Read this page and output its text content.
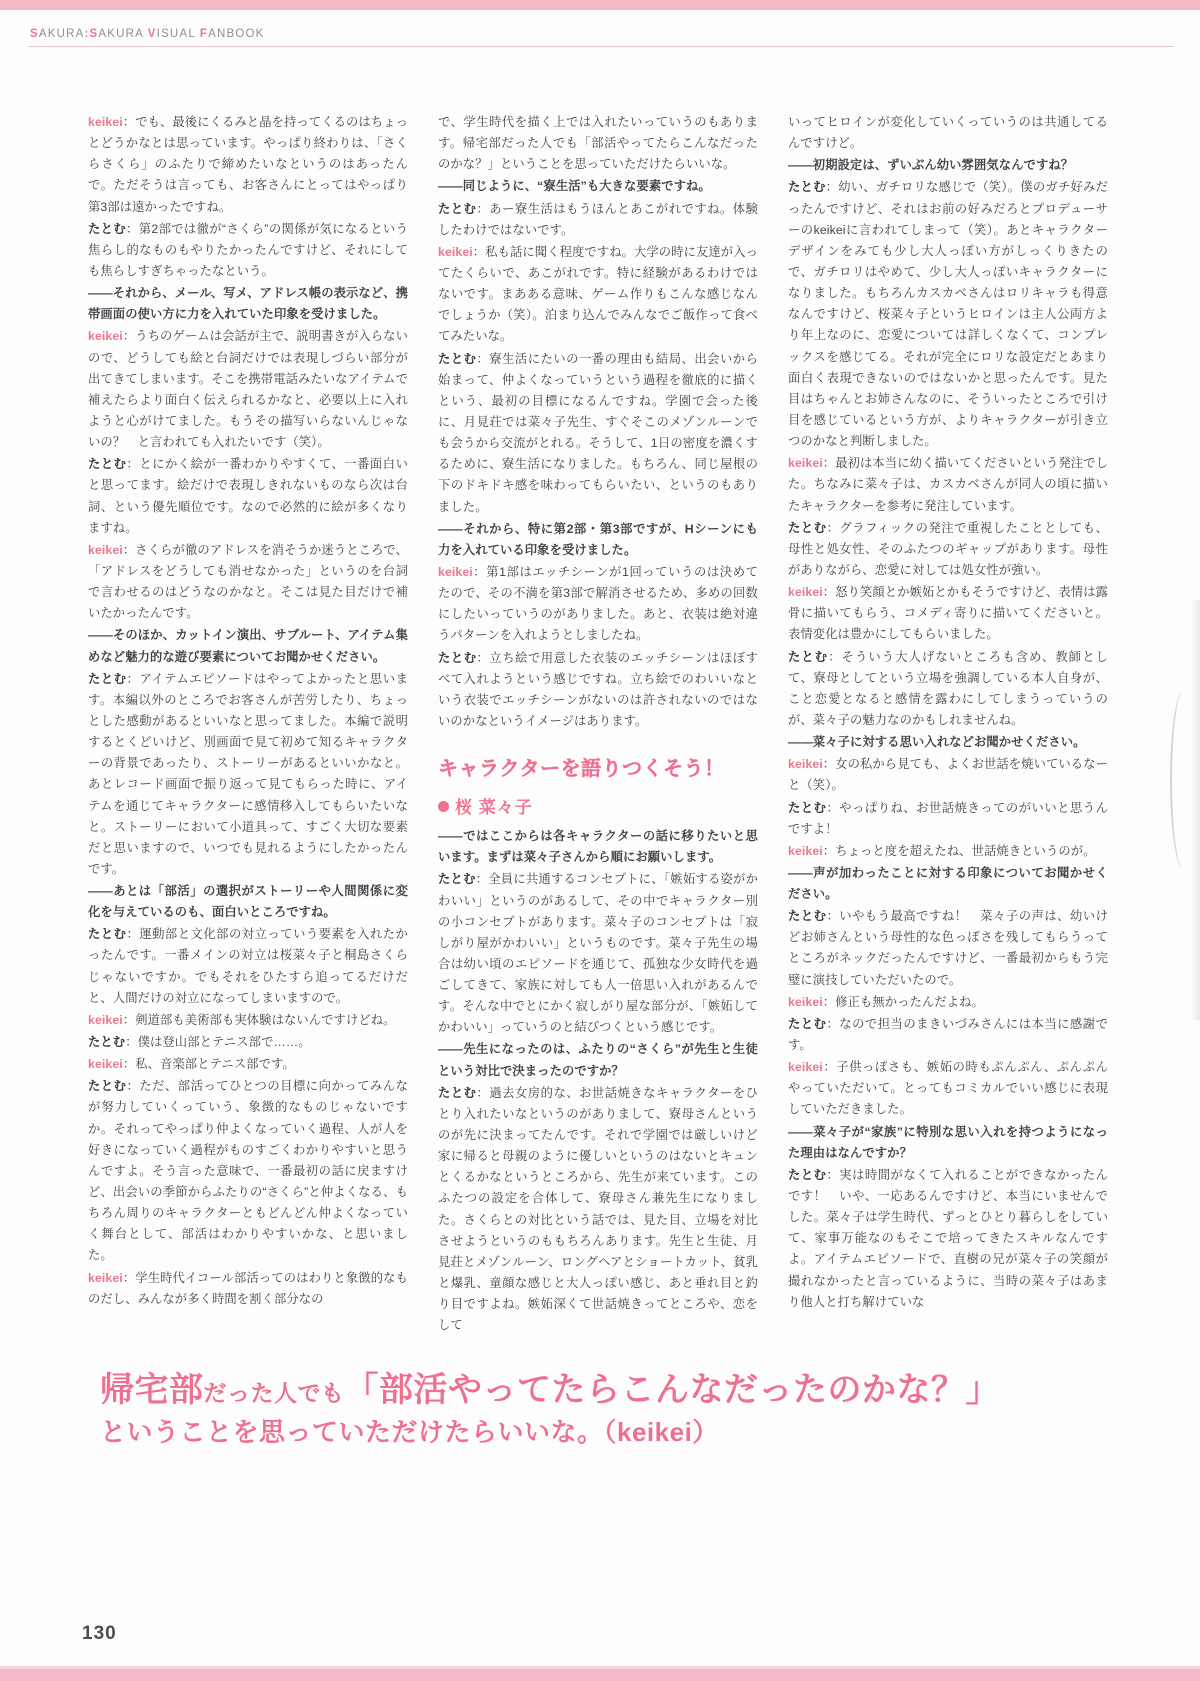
SAKURA:SAKURA VISUAL FANBOOK

keikei：でも、最後にくるみと晶を持ってくるのはちょっとどうかなとは思っています。やっぱり終わりは、「さくらさくら」のふたりで締めたいなというのはあったんで。ただそうは言っても、お客さんにとってはやっぱり第3部は遠かったですね。

たとむ：第2部では徹が“さくら”の関係が気になるという焦らし的なものもやりたかったんですけど、それにしても焦らしすぎちゃったなという。

——それから、メール、写メ、アドレス帳の表示など、携帯画面の使い方に力を入れていた印象を受けました。

keikei：うちのゲームは会話が主で、説明書きが入らないので、どうしても絵と台詞だけでは表現しづらい部分が出てきてしまいます。そこを携帯電話みたいなアイテムで補えたらより面白く伝えられるかなと、必要以上に入れようと心がけてました。もうその描写いらないんじゃないの？　と言われても入れたいです（笑）。

たとむ：とにかく絵が一番わかりやすくて、一番面白いと思ってます。絵だけで表現しきれないものなら次は台詞、という優先順位です。なので必然的に絵が多くなりますね。

keikei：さくらが徹のアドレスを消そうか迷うところで、「アドレスをどうしても消せなかった」というのを台詞で言わせるのはどうなのかなと。そこは見た目だけで補いたかったんです。

——そのほか、カットイン演出、サブルート、アイテム集めなど魅力的な遊び要素についてお聞かせください。

たとむ：アイテムエピソードはやってよかったと思います。本編以外のところでお客さんが苦労したり、ちょっとした感動があるといいなと思ってました。本編で説明するとくどいけど、別画面で見て初めて知るキャラクターの背景であったり、ストーリーがあるといいかなと。あとレコード画面で振り返って見てもらった時に、アイテムを通じてキャラクターに感情移入してもらいたいなと。ストーリーにおいて小道具って、すごく大切な要素だと思いますので、いつでも見れるようにしたかったんです。

——あとは「部活」の選択がストーリーや人間関係に変化を与えているのも、面白いところですね。

たとむ：運動部と文化部の対立っていう要素を入れたかったんです。一番メインの対立は桜菜々子と桐島さくらじゃないですか。でもそれをひたすら追ってるだけだと、人間だけの対立になってしまいますので。

keikei：剣道部も美術部も実体験はないんですけどね。

たとむ：僕は登山部とテニス部で……。

keikei：私、音楽部とテニス部です。

たとむ：ただ、部活ってひとつの目標に向かってみんなが努力していくっていう、象徴的なものじゃないですか。それってやっぱり仲よくなっていく過程、人が人を好きになっていく過程がものすごくわかりやすいと思うんですよ。そう言った意味で、一番最初の話に戻ますけど、出会いの季節からふたりの“さくら”と仲よくなる、もちろん周りのキャラクターともどんどん仲よくなっていく舞台として、部活はわかりやすいかな、と思いました。

keikei：学生時代イコール部活ってのはわりと象徴的なものだし、みんなが多く時間を割く部分なの

で、学生時代を描く上では入れたいっていうのもあります。帰宅部だった人でも「部活やってたらこんなだったのかな？」ということを思っていただけたらいいな。

——同じように、“寮生活”も大きな要素ですね。

たとむ：あー寮生活はもうほんとあこがれですね。体験したわけではないです。

keikei：私も話に聞く程度ですね。大学の時に友達が入ってたくらいで、あこがれです。特に経験があるわけではないです。まあある意味、ゲーム作りもこんな感じなんでしょうか（笑）。泊まり込んでみんなでご飯作って食べてみたいな。

たとむ：寮生活にたいの一番の理由も結局、出会いから始まって、仲よくなっていうという過程を徹底的に描くという、最初の目標になるんですね。学園で会った後に、月見荘では菜々子先生、すぐそこのメゾンルーンでも会うから交流がとれる。そうして、1日の密度を濃くするために、寮生活になりました。もちろん、同じ屋根の下のドキドキ感を味わってもらいたい、というのもありました。

——それから、特に第2部・第3部ですが、Hシーンにも力を入れている印象を受けました。

keikei：第1部はエッチシーンが1回っていうのは決めてたので、その不満を第3部で解消させるため、多めの回数にしたいっていうのがありました。あと、衣装は絶対違うパターンを入れようとしましたね。

たとむ：立ち絵で用意した衣装のエッチシーンはほぼすべて入れようという感じですね。立ち絵でのわいいなという衣装でエッチシーンがないのは許されないのではないのかなというイメージはあります。

キャラクターを語りつくそう！
桜 菜々子

——ではここからは各キャラクターの話に移りたいと思います。まずは菜々子さんから順にお願いします。

たとむ：全員に共通するコンセプトに、「嫉妬する姿がかわいい」というのがあるして、その中でキャラクター別の小コンセプトがあります。菜々子のコンセプトは「寂しがり屋がかわいい」というものです。菜々子先生の場合は幼い頃のエピソードを通じて、孤独な少女時代を過ごしてきて、家族に対しても人一倍思い入れがあるんです。そんな中でとにかく寂しがり屋な部分が、「嫉妬してかわいい」っていうのと結びつくという感じです。

——先生になったのは、ふたりの“さくら”が先生と生徒という対比で決まったのですか？

たとむ：過去女房的な、お世話焼きなキャラクターをひとり入れたいなというのがありまして、寮母さんというのが先に決まってたんです。それで学園では厳しいけど家に帰ると母親のように優しいというのはないとキュンとくるかなというところから、先生が来ています。このふたつの設定を合体して、寮母さん兼先生になりました。さくらとの対比という話では、見た目、立場を対比させようというのももちろんあります。先生と生徒、月見荘とメゾンルーン、ロングヘアとショートカット、貧乳と爆乳、童顔な感じと大人っぽい感じ、あと垂れ目と釣り目ですよね。嫉妬深くて世話焼きってところや、恋をして

いってヒロインが変化していくっていうのは共通してるんですけど。

——初期設定は、ずいぶん幼い雰囲気なんですね？

たとむ：幼い、ガチロリな感じで（笑）。僕のガチ好みだったんですけど、それはお前の好みだろとプロデューサーのkeikeiに言われてしまって（笑）。あとキャラクターデザインをみても少し大人っぽい方がしっくりきたので、ガチロリはやめて、少し大人っぽいキャラクターになりました。もちろんカスカベさんはロリキャラも得意なんですけど、桜菜々子というヒロインは主人公両方より年上なのに、恋愛については詳しくなくて、コンプレックスを感じてる。それが完全にロリな設定だとあまり面白く表現できないのではないかと思ったんです。見た目はちゃんとお姉さんなのに、そういったところで引け目を感じているという方が、よりキャラクターが引き立つのかなと判断しました。

keikei：最初は本当に幼く描いてくださいという発注でした。ちなみに菜々子は、カスカベさんが同人の頃に描いたキャラクターを参考に発注しています。

たとむ：グラフィックの発注で重視したこととしても、母性と処女性、そのふたつのギャップがあります。母性がありながら、恋愛に対しては処女性が強い。

keikei：怒り笑顔とか嫉妬とかもそうですけど、表情は露骨に描いてもらう、コメディ寄りに描いてくださいと。表情変化は豊かにしてもらいました。

たとむ：そういう大人げないところも含め、教師として、寮母としてという立場を強調している本人自身が、こと恋愛となると感情を露わにしてしまうっていうのが、菜々子の魅力なのかもしれませんね。

——菜々子に対する思い入れなどお聞かせください。

keikei：女の私から見ても、よくお世話を焼いているなーと（笑）。

たとむ：やっぱりね、お世話焼きってのがいいと思うんですよ！

keikei：ちょっと度を超えたね、世話焼きというのが。

——声が加わったことに対する印象についてお聞かせください。

たとむ：いやもう最高ですね！　菜々子の声は、幼いけどお姉さんという母性的な色っぽさを残してもらうってところがネックだったんですけど、一番最初からもう完璧に演技していただいたので。

keikei：修正も無かったんだよね。

たとむ：なので担当のまきいづみさんには本当に感謝です。

keikei：子供っぽさも、嫉妬の時もぷんぷん、ぷんぷんやっていただいて。とってもコミカルでいい感じに表現していただきました。

——菜々子が“家族”に特別な思い入れを持つようになった理由はなんですか？

たとむ：実は時間がなくて入れることができなかったんです！　いや、一応あるんですけど、本当にいませんでした。菜々子は学生時代、ずっとひとり暮らしをしていて、家事万能なのもそこで培ってきたスキルなんですよ。アイテムエピソードで、直樹の兄が菜々子の笑顔が撮れなかったと言っているように、当時の菜々子はあまり他人と打ち解けていな

帰宅部だった人でも「部活やってたらこんなだったのかな？」
ということを思っていただけたらいいな。（keikei）
130
